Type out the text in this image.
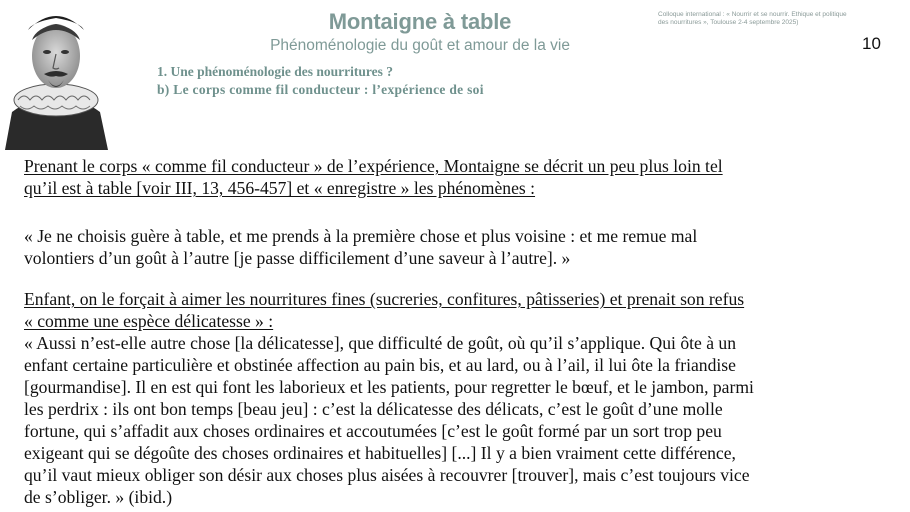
Montaigne à table
Phénoménologie du goût et amour de la vie
Colloque international : « Nourrir et se nourrir. Ethique et politique
des nourritures », Toulouse 2-4 septembre 2025)
10
1. Une phénoménologie des nourritures ?
b) Le corps comme fil conducteur : l’expérience de soi
Prenant le corps « comme fil conducteur » de l’expérience, Montaigne se décrit un peu plus loin tel
qu’il est à table [voir III, 13, 456-457] et « enregistre » les phénomènes :
« Je ne choisis guère à table, et me prends à la première chose et plus voisine : et me remue mal
volontiers d’un goût à l’autre [je passe difficilement d’une saveur à l’autre]. »
Enfant, on le forçait à aimer les nourritures fines (sucreries, confitures, pâtisseries) et prenait son refus
« comme une espèce délicatesse » :
« Aussi n’est-elle autre chose [la délicatesse], que difficulté de goût, où qu’il s’applique. Qui ôte à un
enfant certaine particulière et obstinée affection au pain bis, et au lard, ou à l’ail, il lui ôte la friandise
[gourmandise]. Il en est qui font les laborieux et les patients, pour regretter le bœuf, et le jambon, parmi
les perdrix : ils ont bon temps [beau jeu] : c’est la délicatesse des délicats, c’est le goût d’une molle
fortune, qui s’affadit aux choses ordinaires et accoutumées [c’est le goût formé par un sort trop peu
exigeant qui se dégoûte des choses ordinaires et habituelles] [...] Il y a bien vraiment cette différence,
qu’il vaut mieux obliger son désir aux choses plus aisées à recouvrer [trouver], mais c’est toujours vice
de s’obliger. » (ibid.)
